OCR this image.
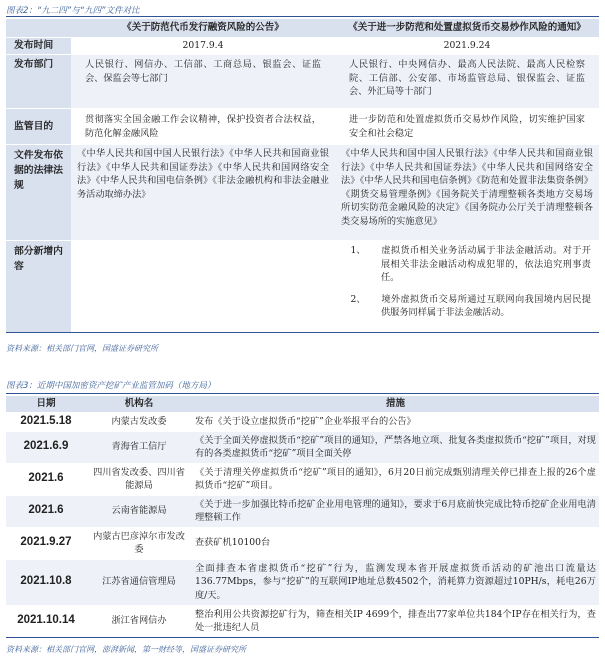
图表2：“九二四”与“九四”文件对比
	《关于防范代币发行融资风险的公告》	《关于进一步防范和处置虚拟货币交易炒作风险的通知》
发布时间	2017.9.4	2021.9.24
发布部门	人民银行、网信办、工信部、工商总局、银监会、证监会、保监会等七部门	人民银行、中央网信办、最高人民法院、最高人民检察院、工信部、公安部、市场监管总局、银保监会、证监会、外汇局等十部门
监管目的	贯彻落实全国金融工作会议精神，保护投资者合法权益，防范化解金融风险	进一步防范和处置虚拟货币交易炒作风险，切实维护国家安全和社会稳定
文件发布依据的法律法规	《中华人民共和国中国人民银行法》《中华人民共和国商业银行法》《中华人民共和国证券法》《中华人民共和国网络安全法》《中华人民共和国电信条例》《非法金融机构和非法金融业务活动取缔办法》	《中华人民共和国中国人民银行法》《中华人民共和国商业银行法》《中华人民共和国证券法》《中华人民共和国网络安全法》《中华人民共和国电信条例》《防范和处置非法集资条例》《期货交易管理条例》《国务院关于清理整顿各类地方交易场所切实防范金融风险的决定》《国务院办公厅关于清理整顿各类交易场所的实施意见》
部分新增内容		1、 虚拟货币相关业务活动属于非法金融活动。对于开展相关非法金融活动构成犯罪的，依法追究刑事责任。
2、 境外虚拟货币交易所通过互联网向我国境内居民提供服务同样属于非法金融活动。
资料来源：相关部门官网，国盛证券研究所
图表3：近期中国加密资产挖矿产业监管加码（地方局）
日期	机构名	措施
2021.5.18	内蒙古发改委	发布《关于设立虚拟货币“挖矿”企业举报平台的公告》
2021.6.9	青海省工信厅	《关于全面关停虚拟货币“挖矿”项目的通知》，严禁各地立项、批复各类虚拟货币“挖矿”项目，对现有的各类虚拟货币“挖矿”项目全面关停
2021.6	四川省发改委、四川省能源局	《关于清理关停虚拟货币“挖矿”项目的通知》，6月20日前完成甄别清理关停已排查上报的26个虚拟货币“挖矿”项目。
2021.6	云南省能源局	《关于进一步加强比特币挖矿企业用电管理的通知》，要求于6月底前快完成比特币挖矿企业用电清理整顿工作
2021.9.27	内蒙古巴彦淖尔市发改委	查获矿机10100台
2021.10.8	江苏省通信管理局	全面排查本省虚拟货币“挖矿”行为，监测发现本省开展虚拟货币活动的矿池出口流量达136.77Mbps，参与“挖矿”的互联网IP地址总数4502个，消耗算力资源超过10PH/s，耗电26万度/天。
2021.10.14	浙江省网信办	整治利用公共资源挖矿行为，筛查相关IP 4699个，排查出77家单位共184个IP存在相关行为，查处一批违纪人员
资料来源：相关部门官网，澎湃新闻，第一财经等，国盛证券研究所
